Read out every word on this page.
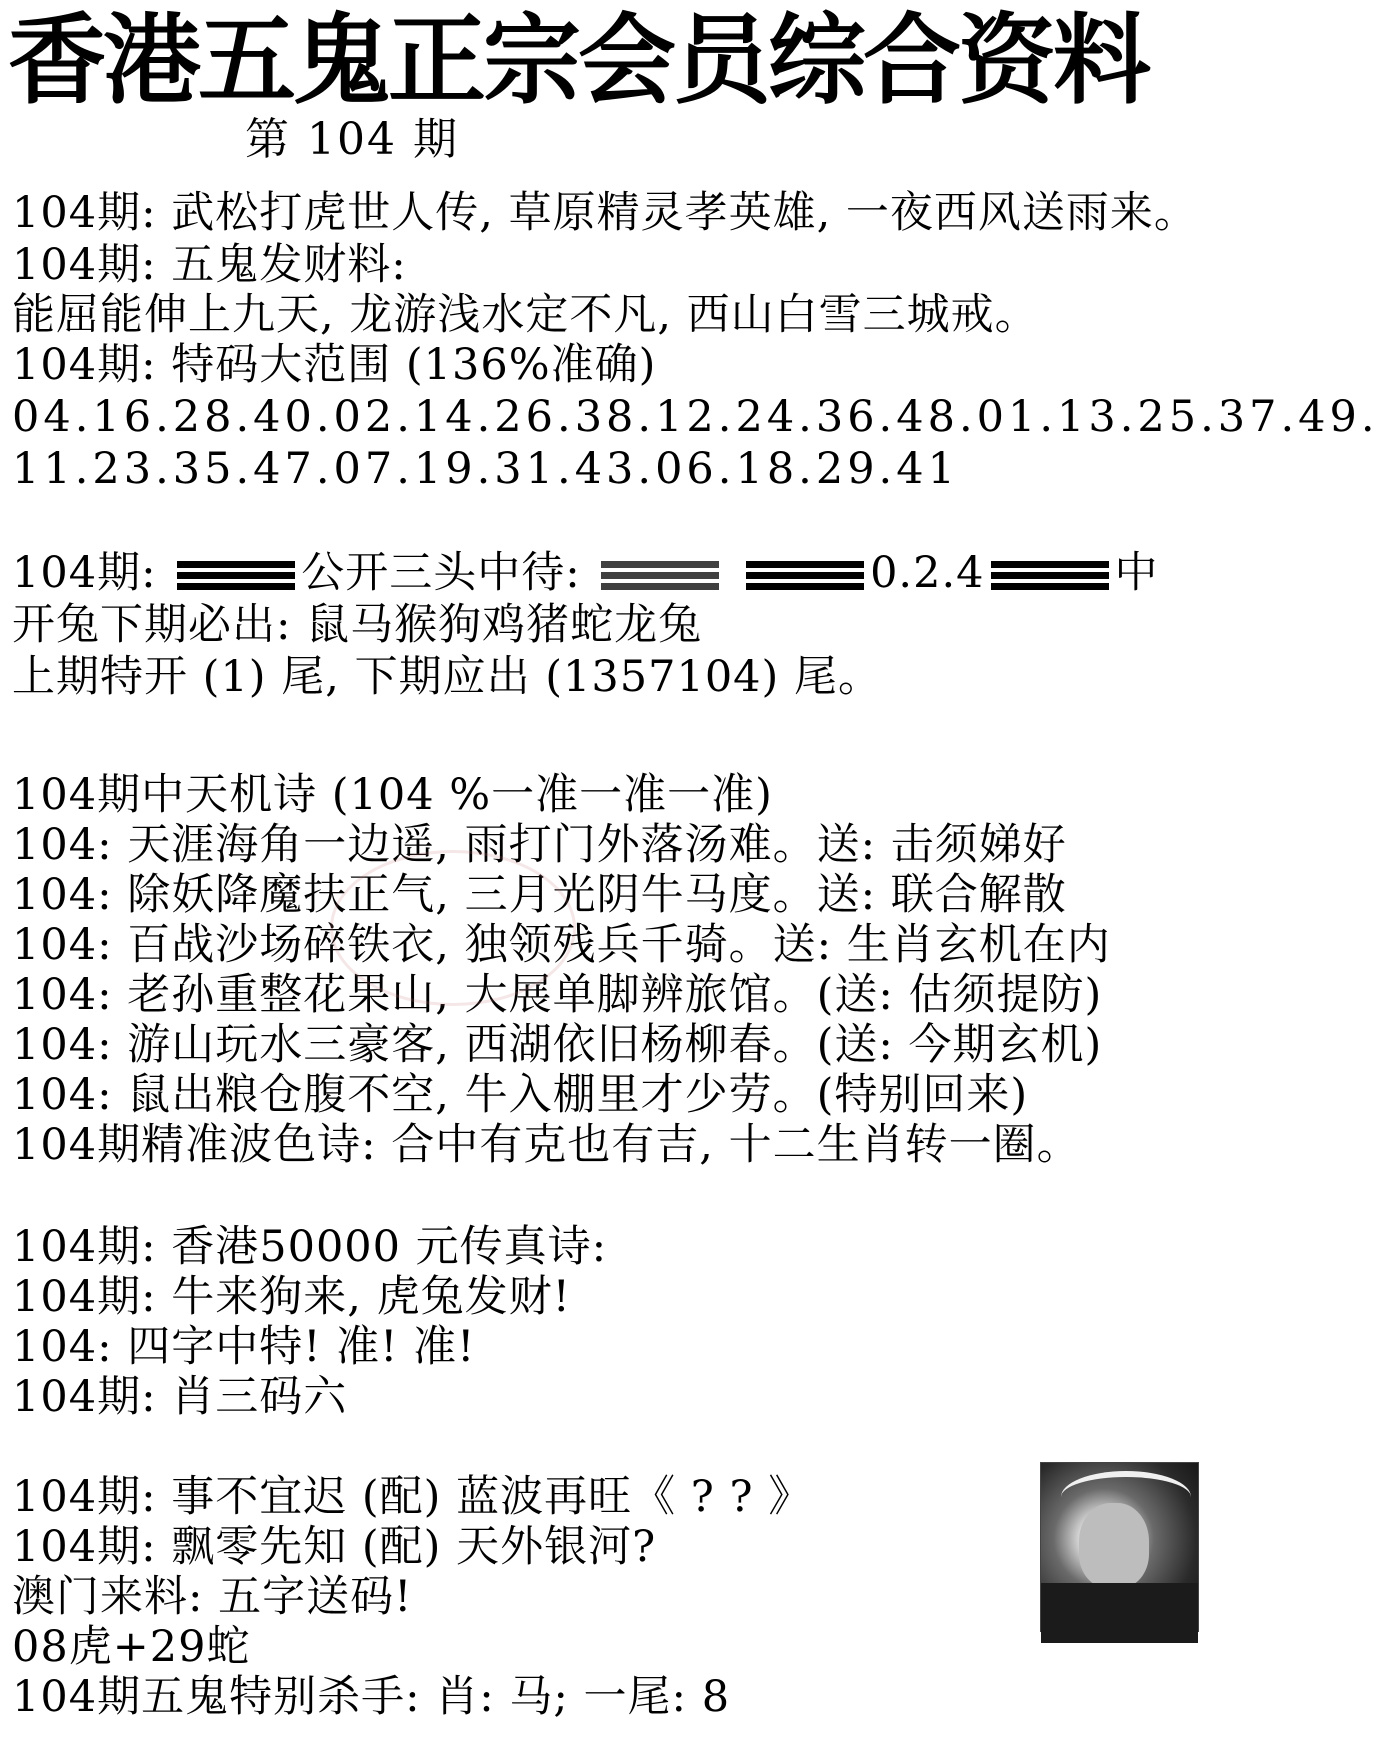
香港五鬼正宗会员综合资料
第 104 期
104期: 武松打虎世人传, 草原精灵孝英雄, 一夜西风送雨来。
104期: 五鬼发财料:
能屈能伸上九天, 龙游浅水定不凡, 西山白雪三城戒。
104期: 特码大范围 (136%准确)
04.16.28.40.02.14.26.38.12.24.36.48.01.13.25.37.49.
11.23.35.47.07.19.31.43.06.18.29.41
104期:	公开三头中待:	0.2.4	中
开兔下期必出: 鼠马猴狗鸡猪蛇龙兔
上期特开 (1) 尾, 下期应出 (1357104) 尾。
104期中天机诗 (104 %一准一准一准)
104: 天涯海角一边遥, 雨打门外落汤难。送: 击须娣好
104: 除妖降魔扶正气, 三月光阴牛马度。送: 联合解散
104: 百战沙场碎铁衣, 独领残兵千骑。送: 生肖玄机在内
104: 老孙重整花果山, 大展单脚辨旅馆。(送: 估须提防)
104: 游山玩水三豪客, 西湖依旧杨柳春。(送: 今期玄机)
104: 鼠出粮仓腹不空, 牛入棚里才少劳。(特别回来)
104期精准波色诗: 合中有克也有吉, 十二生肖转一圈。
104期: 香港50000 元传真诗:
104期: 牛来狗来, 虎兔发财!
104: 四字中特! 准! 准!
104期: 肖三码六
104期: 事不宜迟 (配) 蓝波再旺《 ? ? 》
104期: 飘零先知 (配) 天外银河?
澳门来料: 五字送码!
08虎+29蛇
104期五鬼特别杀手: 肖: 马; 一尾: 8
